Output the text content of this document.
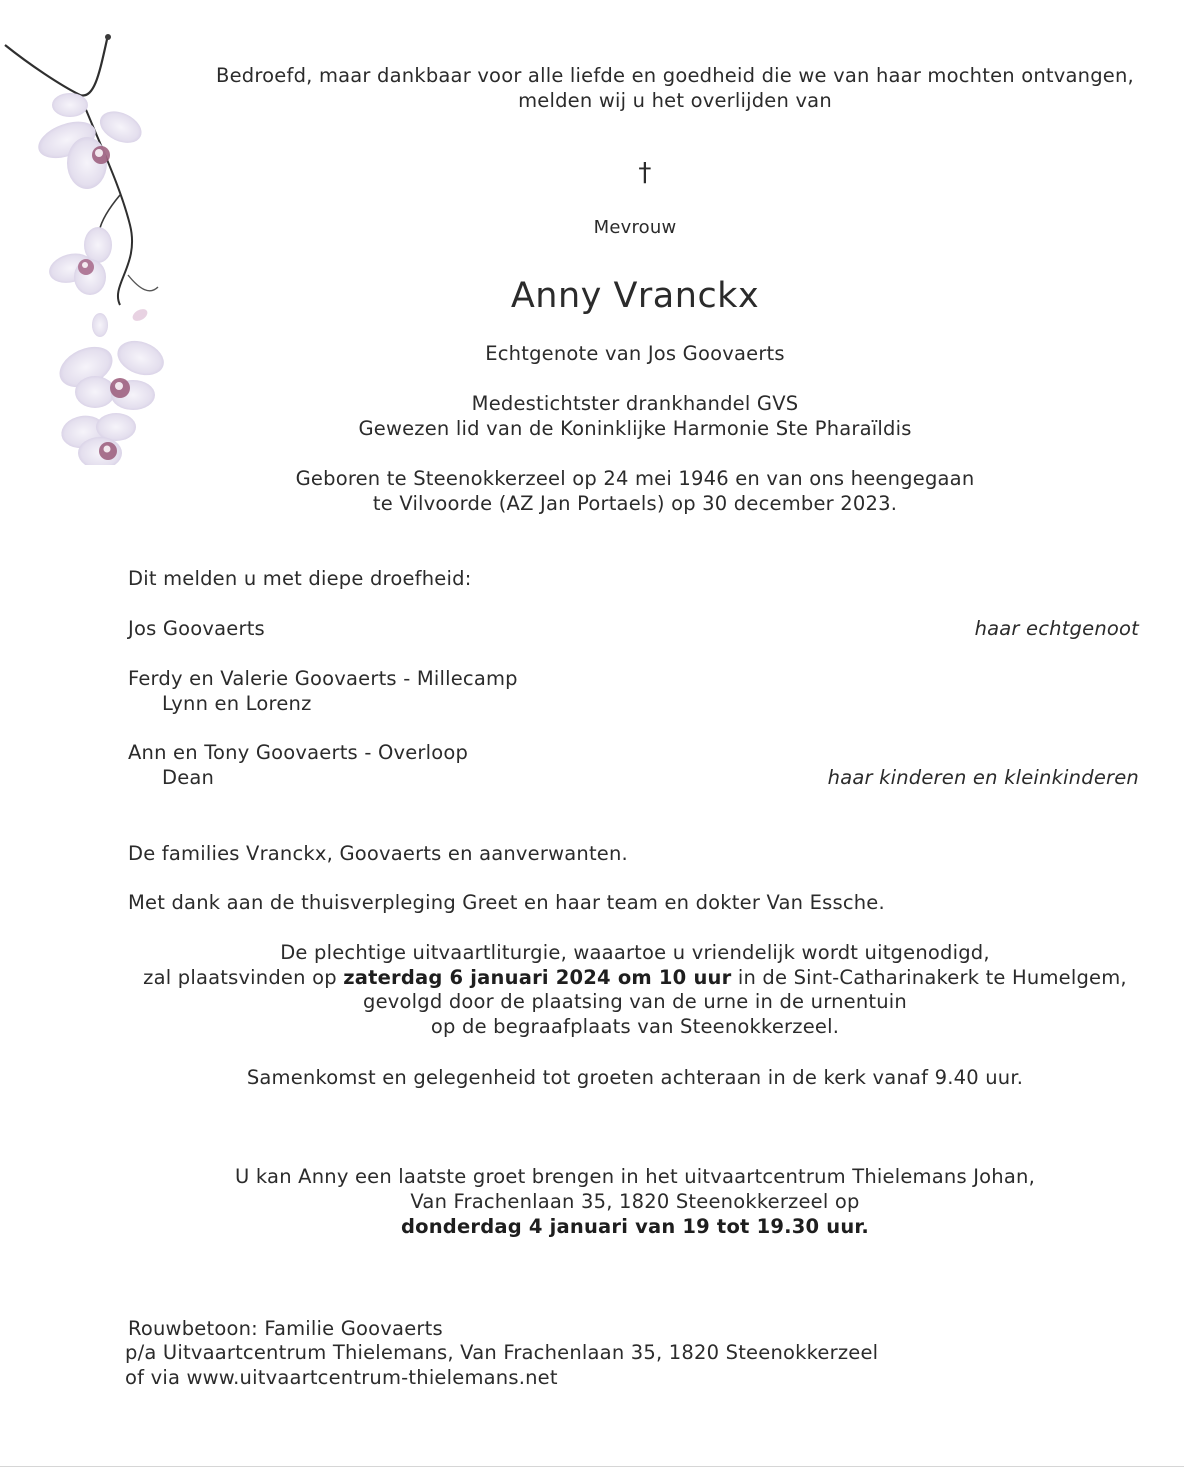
Bedroefd, maar dankbaar voor alle liefde en goedheid die we van haar mochten ontvangen,
melden wij u het overlijden van
†
Mevrouw
Anny Vranckx
Echtgenote van Jos Goovaerts
Medestichtster drankhandel GVS
Gewezen lid van de Koninklijke Harmonie Ste Pharaïldis
Geboren te Steenokkerzeel op 24 mei 1946 en van ons heengegaan
te Vilvoorde (AZ Jan Portaels) op 30 december 2023.
Dit melden u met diepe droefheid:
Jos Goovaerts	haar echtgenoot
Ferdy en Valerie Goovaerts - Millecamp
Lynn en Lorenz
Ann en Tony Goovaerts - Overloop
Dean	haar kinderen en kleinkinderen
De families Vranckx, Goovaerts en aanverwanten.
Met dank aan de thuisverpleging Greet en haar team en dokter Van Essche.
De plechtige uitvaartliturgie, waaartoe u vriendelijk wordt uitgenodigd,
zal plaatsvinden op zaterdag 6 januari 2024 om 10 uur in de Sint-Catharinakerk te Humelgem,
gevolgd door de plaatsing van de urne in de urnentuin
op de begraafplaats van Steenokkerzeel.
Samenkomst en gelegenheid tot groeten achteraan in de kerk vanaf 9.40 uur.
U kan Anny een laatste groet brengen in het uitvaartcentrum Thielemans Johan,
Van Frachenlaan 35, 1820 Steenokkerzeel op
donderdag 4 januari van 19 tot 19.30 uur.
Rouwbetoon: Familie Goovaerts
p/a Uitvaartcentrum Thielemans, Van Frachenlaan 35, 1820 Steenokkerzeel
of via www.uitvaartcentrum-thielemans.net
